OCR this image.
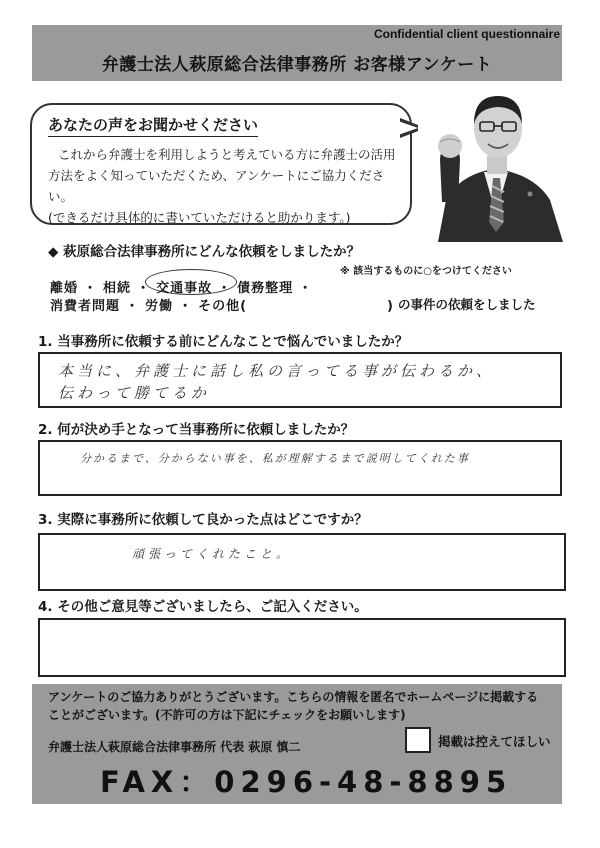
Confidential client questionnaire
弁護士法人萩原総合法律事務所 お客様アンケート
あなたの声をお聞かせください
これから弁護士を利用しようと考えている方に弁護士の活用
方法をよく知っていただくため、アンケートにご協力ください。
(できるだけ具体的に書いていただけると助かります。)
◆ 萩原総合法律事務所にどんな依頼をしましたか？
※ 該当するものに○をつけてください
離婚 ・ 相続 ・ 交通事故 ・ 債務整理 ・
消費者問題 ・ 労働 ・ その他(　　　　　　　　　　) の事件の依頼をしました
1. 当事務所に依頼する前にどんなことで悩んでいましたか？
本当に、弁護士に話し私の言ってる事が伝わるか、
伝わって勝てるか
2. 何が決め手となって当事務所に依頼しましたか？
分かるまで、分からない事を、私が理解するまで説明してくれた事
3. 実際に事務所に依頼して良かった点はどこですか？
頑張ってくれたこと。
4. その他ご意見等ございましたら、ご記入ください。
アンケートのご協力ありがとうございます。こちらの情報を匿名でホームページに掲載する
ことがございます。(不許可の方は下記にチェックをお願いします)
弁護士法人萩原総合法律事務所 代表 萩原 慎二	掲載は控えてほしい
FAX：0296-48-8895
